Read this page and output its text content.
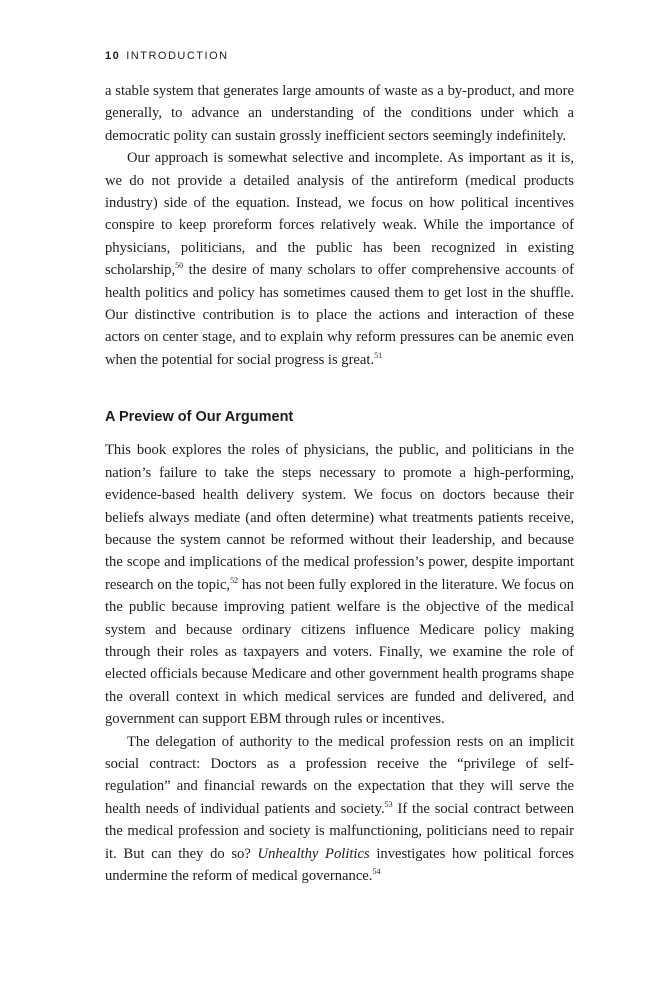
10 INTRODUCTION

a stable system that generates large amounts of waste as a by-product, and more generally, to advance an understanding of the conditions under which a democratic polity can sustain grossly inefficient sectors seemingly indefinitely.

Our approach is somewhat selective and incomplete. As important as it is, we do not provide a detailed analysis of the antireform (medical products industry) side of the equation. Instead, we focus on how political incentives conspire to keep proreform forces relatively weak. While the importance of physicians, politicians, and the public has been recognized in existing scholarship,$^{50}$ the desire of many scholars to offer comprehensive accounts of health politics and policy has sometimes caused them to get lost in the shuffle. Our distinctive contribution is to place the actions and interaction of these actors on center stage, and to explain why reform pressures can be anemic even when the potential for social progress is great.$^{51}$

A Preview of Our Argument

This book explores the roles of physicians, the public, and politicians in the nation’s failure to take the steps necessary to promote a high-performing, evidence-based health delivery system. We focus on doctors because their beliefs always mediate (and often determine) what treatments patients receive, because the system cannot be reformed without their leadership, and because the scope and implications of the medical profession’s power, despite important research on the topic,$^{52}$ has not been fully explored in the literature. We focus on the public because improving patient welfare is the objective of the medical system and because ordinary citizens influence Medicare policy making through their roles as taxpayers and voters. Finally, we examine the role of elected officials because Medicare and other government health programs shape the overall context in which medical services are funded and delivered, and government can support EBM through rules or incentives.

The delegation of authority to the medical profession rests on an implicit social contract: Doctors as a profession receive the “privilege of self-regulation” and financial rewards on the expectation that they will serve the health needs of individual patients and society.$^{53}$ If the social contract between the medical profession and society is malfunctioning, politicians need to repair it. But can they do so? Unhealthy Politics investigates how political forces undermine the reform of medical governance.$^{54}$
